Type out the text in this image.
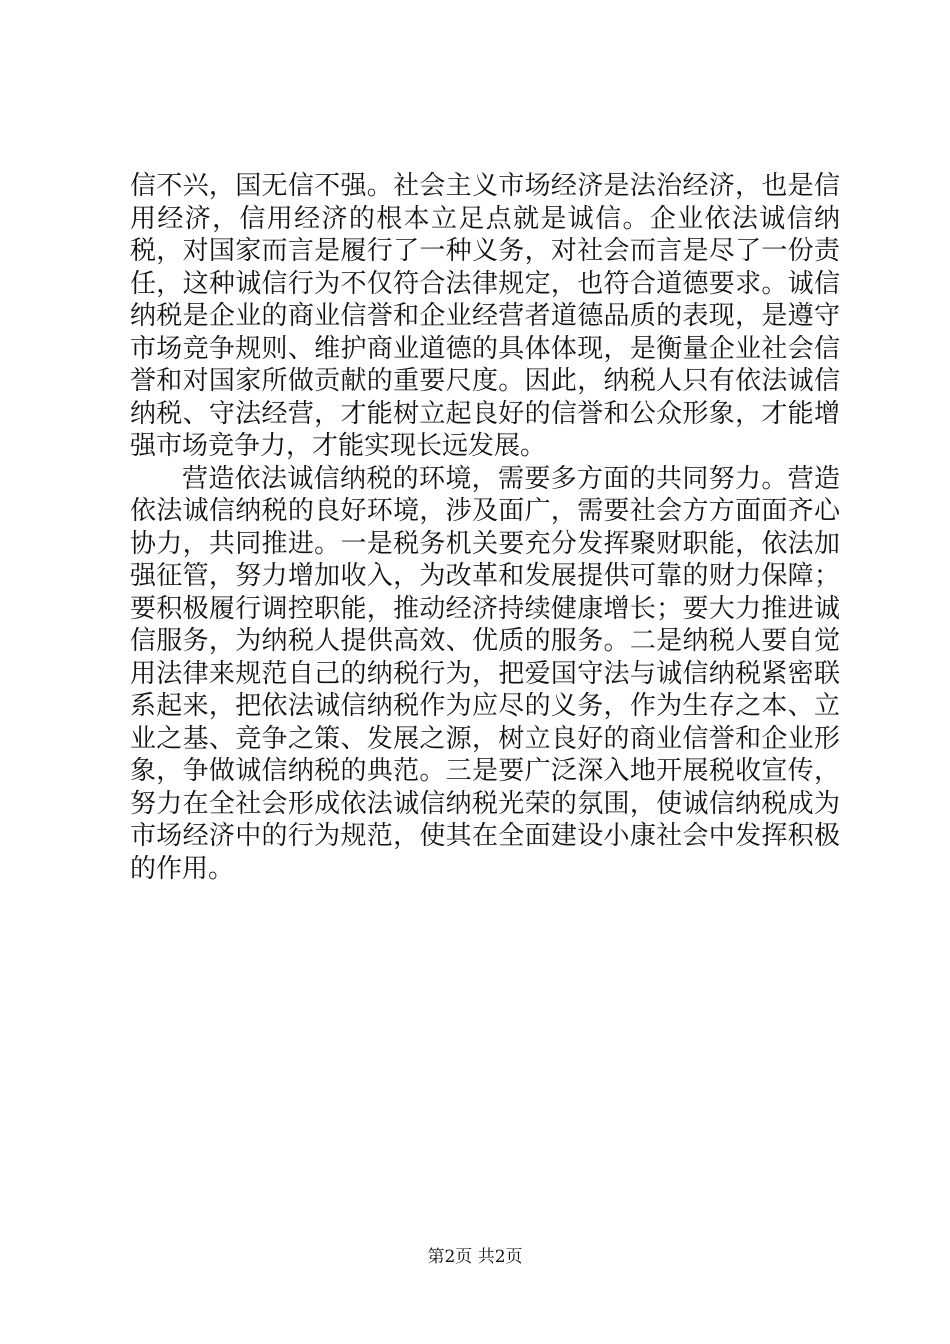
信不兴，国无信不强。社会主义市场经济是法治经济，也是信用经济，信用经济的根本立足点就是诚信。企业依法诚信纳税，对国家而言是履行了一种义务，对社会而言是尽了一份责任，这种诚信行为不仅符合法律规定，也符合道德要求。诚信纳税是企业的商业信誉和企业经营者道德品质的表现，是遵守市场竞争规则、维护商业道德的具体体现，是衡量企业社会信誉和对国家所做贡献的重要尺度。因此，纳税人只有依法诚信纳税、守法经营，才能树立起良好的信誉和公众形象，才能增强市场竞争力，才能实现长远发展。

营造依法诚信纳税的环境，需要多方面的共同努力。营造依法诚信纳税的良好环境，涉及面广，需要社会方方面面齐心协力，共同推进。一是税务机关要充分发挥聚财职能，依法加强征管，努力增加收入，为改革和发展提供可靠的财力保障；要积极履行调控职能，推动经济持续健康增长；要大力推进诚信服务，为纳税人提供高效、优质的服务。二是纳税人要自觉用法律来规范自己的纳税行为，把爱国守法与诚信纳税紧密联系起来，把依法诚信纳税作为应尽的义务，作为生存之本、立业之基、竞争之策、发展之源，树立良好的商业信誉和企业形象，争做诚信纳税的典范。三是要广泛深入地开展税收宣传，努力在全社会形成依法诚信纳税光荣的氛围，使诚信纳税成为市场经济中的行为规范，使其在全面建设小康社会中发挥积极的作用。

第2页 共2页
